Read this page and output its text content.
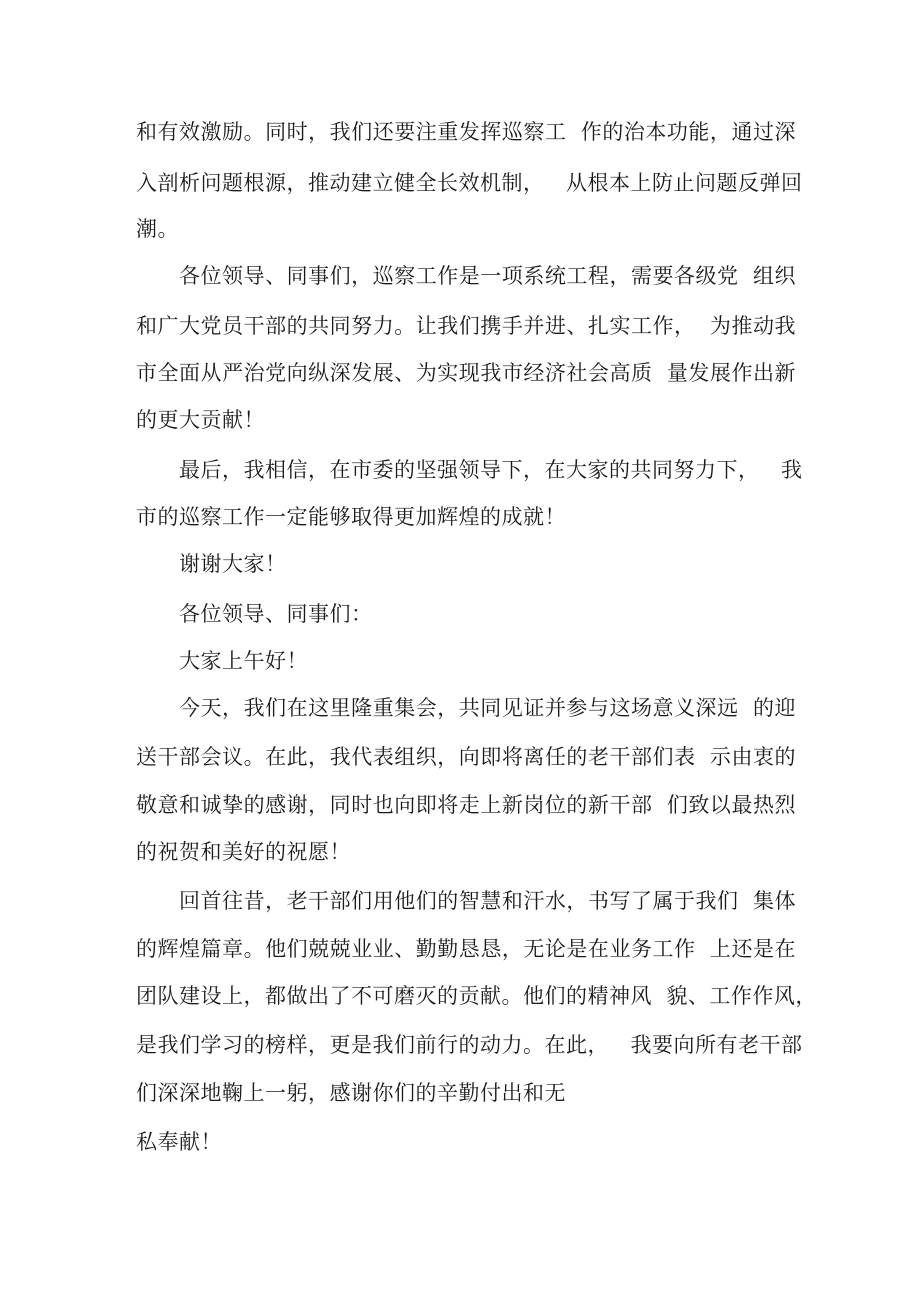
和有效激励。同时，我们还要注重发挥巡察工  作的治本功能，通过深
入剖析问题根源，推动建立健全长效机制，   从根本上防止问题反弹回
潮。
各位领导、同事们，巡察工作是一项系统工程，需要各级党  组织
和广大党员干部的共同努力。让我们携手并进、扎实工作，  为推动我
市全面从严治党向纵深发展、为实现我市经济社会高质  量发展作出新
的更大贡献！
最后，我相信，在市委的坚强领导下，在大家的共同努力下，   我
市的巡察工作一定能够取得更加辉煌的成就！
谢谢大家！
各位领导、同事们：
大家上午好！
今天，我们在这里隆重集会，共同见证并参与这场意义深远  的迎
送干部会议。在此，我代表组织，向即将离任的老干部们表  示由衷的
敬意和诚挚的感谢，同时也向即将走上新岗位的新干部  们致以最热烈
的祝贺和美好的祝愿！
回首往昔，老干部们用他们的智慧和汗水，书写了属于我们  集体
的辉煌篇章。他们兢兢业业、勤勤恳恳，无论是在业务工作  上还是在
团队建设上，都做出了不可磨灭的贡献。他们的精神风  貌、工作作风，
是我们学习的榜样，更是我们前行的动力。在此，   我要向所有老干部
们深深地鞠上一躬，感谢你们的辛勤付出和无
私奉献！
